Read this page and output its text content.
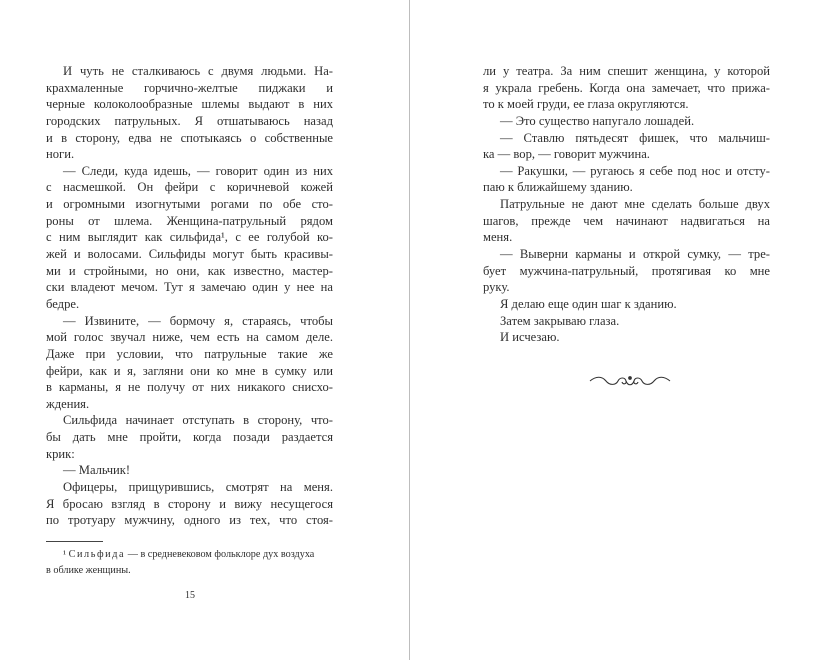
И чуть не сталкиваюсь с двумя людьми. На-
крахмаленные горчично-желтые пиджаки и
черные колоколообразные шлемы выдают в них
городских патрульных. Я отшатываюсь назад
и в сторону, едва не спотыкаясь о собственные
ноги.
— Следи, куда идешь, — говорит один из них
с насмешкой. Он фейри с коричневой кожей
и огромными изогнутыми рогами по обе сто-
роны от шлема. Женщина-патрульный рядом
с ним выглядит как сильфида¹, с ее голубой ко-
жей и волосами. Сильфиды могут быть красивы-
ми и стройными, но они, как известно, мастер-
ски владеют мечом. Тут я замечаю один у нее на
бедре.
— Извините, — бормочу я, стараясь, чтобы
мой голос звучал ниже, чем есть на самом деле.
Даже при условии, что патрульные такие же
фейри, как и я, загляни они ко мне в сумку или
в карманы, я не получу от них никакого снисхо-
ждения.
Сильфида начинает отступать в сторону, что-
бы дать мне пройти, когда позади раздается
крик:
— Мальчик!
Офицеры, прищурившись, смотрят на меня.
Я бросаю взгляд в сторону и вижу несущегося
по тротуару мужчину, одного из тех, что стоя-
¹ Сильфида — в средневековом фольклоре дух воздуха
в облике женщины.
15
ли у театра. За ним спешит женщина, у которой
я украла гребень. Когда она замечает, что прижа-
то к моей груди, ее глаза округляются.
— Это существо напугало лошадей.
— Ставлю пятьдесят фишек, что мальчиш-
ка — вор, — говорит мужчина.
— Ракушки, — ругаюсь я себе под нос и отсту-
паю к ближайшему зданию.
Патрульные не дают мне сделать больше двух
шагов, прежде чем начинают надвигаться на
меня.
— Выверни карманы и открой сумку, — тре-
бует мужчина-патрульный, протягивая ко мне
руку.
Я делаю еще один шаг к зданию.
Затем закрываю глаза.
И исчезаю.
